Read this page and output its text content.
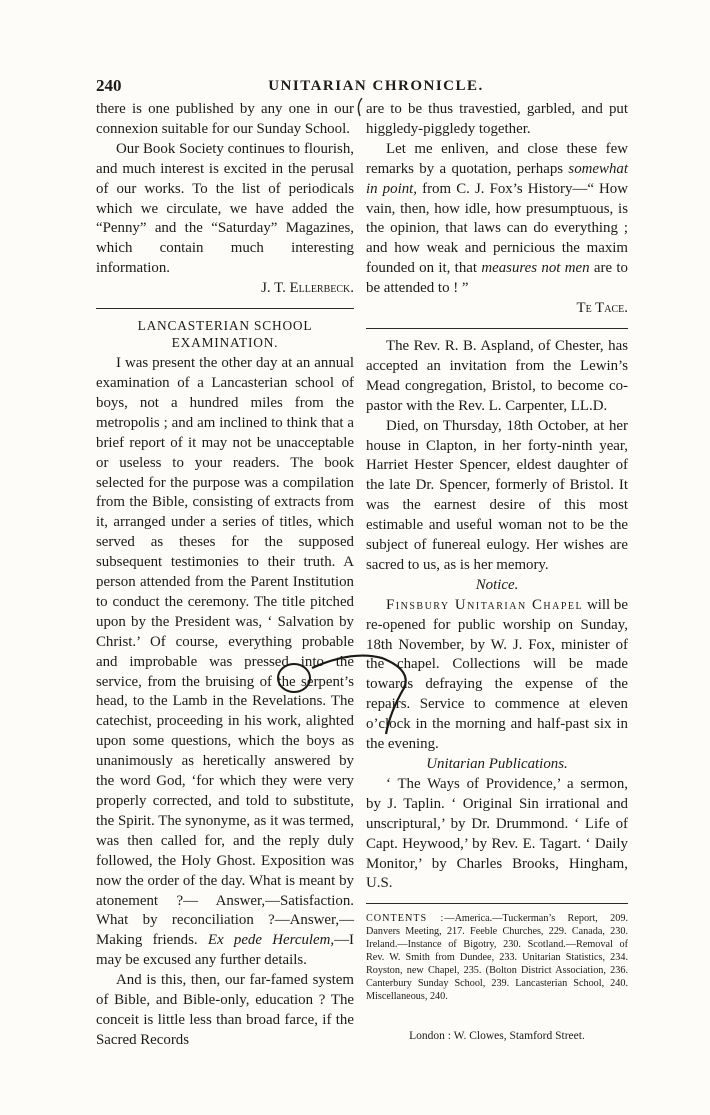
240	UNITARIAN CHRONICLE.

there is one published by any one in our connexion suitable for our Sunday School.

Our Book Society continues to flourish, and much interest is excited in the perusal of our works. To the list of periodicals which we circulate, we have added the “Penny” and the “Saturday” Magazines, which contain much interesting information.

J. T. Ellerbeck.

LANCASTERIAN SCHOOL EXAMINATION.

I was present the other day at an annual examination of a Lancasterian school of boys, not a hundred miles from the metropolis ; and am inclined to think that a brief report of it may not be unacceptable or useless to your readers. The book selected for the purpose was a compilation from the Bible, consisting of extracts from it, arranged under a series of titles, which served as theses for the supposed subsequent testimonies to their truth. A person attended from the Parent Institution to conduct the ceremony. The title pitched upon by the President was, ‘ Salvation by Christ.’ Of course, everything probable and improbable was pressed into the service, from the bruising of the serpent’s head, to the Lamb in the Revelations. The catechist, proceeding in his work, alighted upon some questions, which the boys as unanimously as heretically answered by the word God, ‘for which they were very properly corrected, and told to substitute, the Spirit. The synonyme, as it was termed, was then called for, and the reply duly followed, the Holy Ghost. Exposition was now the order of the day. What is meant by atonement ?— Answer,—Satisfaction. What by reconciliation ?—Answer,—Making friends. Ex pede Herculem,—I may be excused any further details.

And is this, then, our far-famed system of Bible, and Bible-only, education ? The conceit is little less than broad farce, if the Sacred Records

are to be thus travestied, garbled, and put higgledy-piggledy together.

Let me enliven, and close these few remarks by a quotation, perhaps somewhat in point, from C. J. Fox’s History—“ How vain, then, how idle, how presumptuous, is the opinion, that laws can do everything ; and how weak and pernicious the maxim founded on it, that measures not men are to be attended to ! ”

Te Tace.

The Rev. R. B. Aspland, of Chester, has accepted an invitation from the Lewin’s Mead congregation, Bristol, to become co-pastor with the Rev. L. Carpenter, LL.D.

Died, on Thursday, 18th October, at her house in Clapton, in her forty-ninth year, Harriet Hester Spencer, eldest daughter of the late Dr. Spencer, formerly of Bristol. It was the earnest desire of this most estimable and useful woman not to be the subject of funereal eulogy. Her wishes are sacred to us, as is her memory.

Notice.

Finsbury Unitarian Chapel will be re-opened for public worship on Sunday, 18th November, by W. J. Fox, minister of the chapel. Collections will be made towards defraying the expense of the repairs. Service to commence at eleven o’clock in the morning and half-past six in the evening.

Unitarian Publications.

‘ The Ways of Providence,’ a sermon, by J. Taplin. ‘ Original Sin irrational and unscriptural,’ by Dr. Drummond. ‘ Life of Capt. Heywood,’ by Rev. E. Tagart. ‘ Daily Monitor,’ by Charles Brooks, Hingham, U.S.

CONTENTS :—America.—Tuckerman’s Report, 209. Danvers Meeting, 217. Feeble Churches, 229. Canada, 230. Ireland.—Instance of Bigotry, 230. Scotland.—Removal of Rev. W. Smith from Dundee, 233. Unitarian Statistics, 234. Royston, new Chapel, 235. (Bolton District Association, 236. Canterbury Sunday School, 239. Lancasterian School, 240. Miscellaneous, 240.

London : W. Clowes, Stamford Street.
